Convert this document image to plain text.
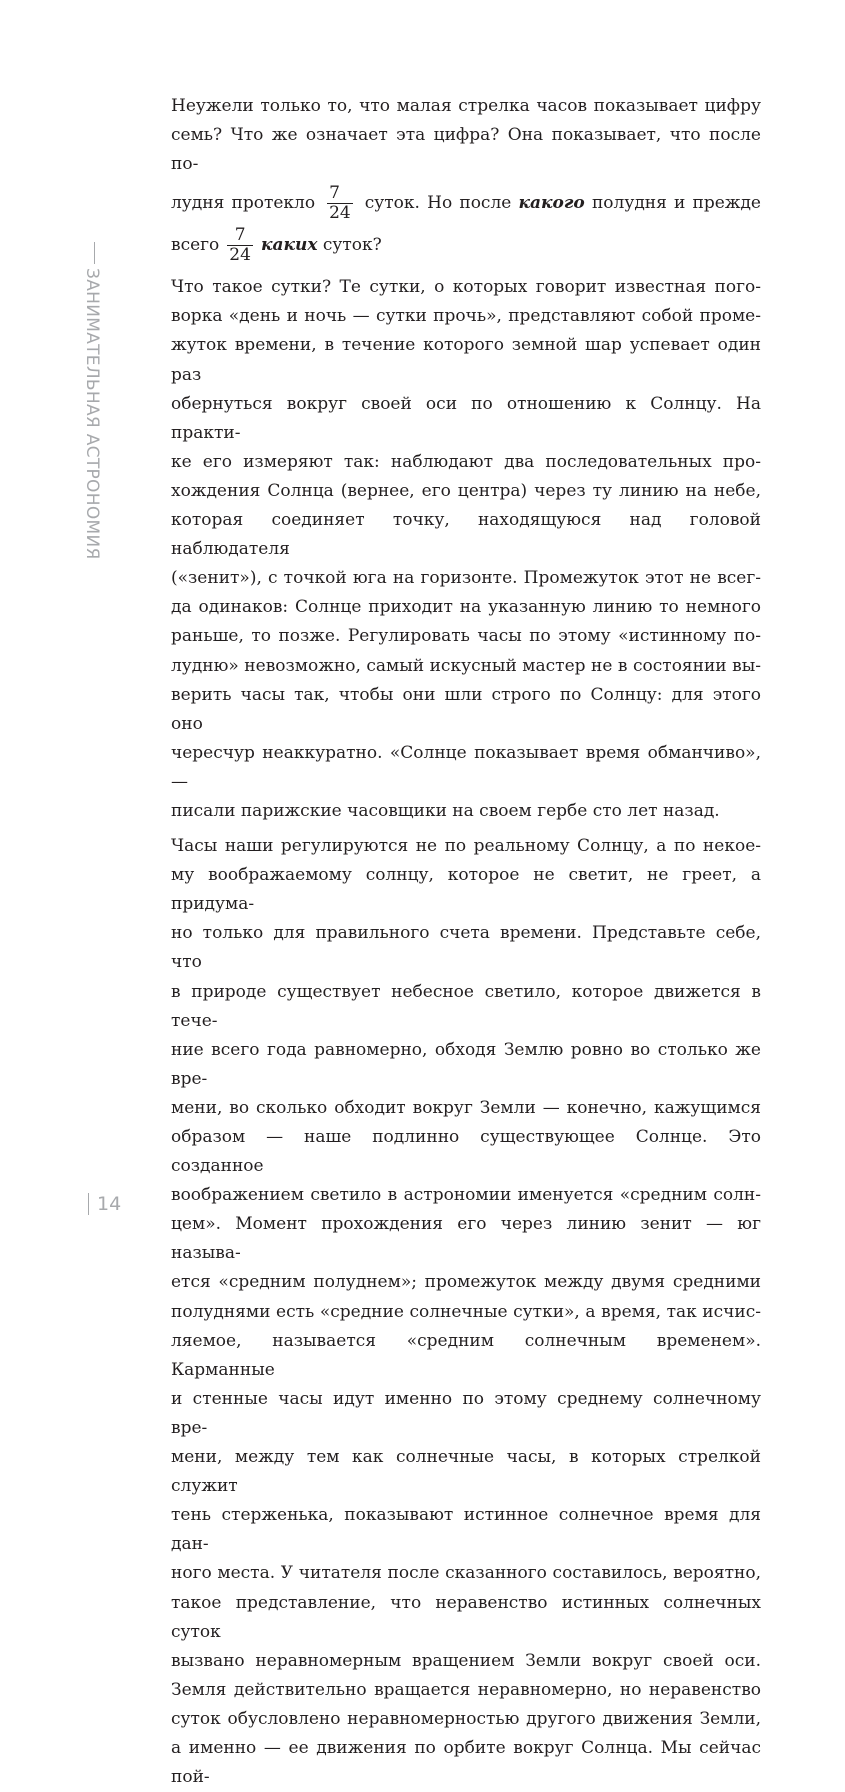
ЗАНИМАТЕЛЬНАЯ АСТРОНОМИЯ
Неужели только то, что малая стрелка часов показывает цифру
семь? Что же означает эта цифра? Она показывает, что после по-
лудня протекло $\frac{7}{24}$ суток. Но после какого полудня и прежде
всего $\frac{7}{24}$ каких суток?
Что такое сутки? Те сутки, о которых говорит известная пого-
ворка «день и ночь — сутки прочь», представляют собой проме-
жуток времени, в течение которого земной шар успевает один раз
обернуться вокруг своей оси по отношению к Солнцу. На практи-
ке его измеряют так: наблюдают два последовательных про-
хождения Солнца (вернее, его центра) через ту линию на небе,
которая соединяет точку, находящуюся над головой наблюдателя
(«зенит»), с точкой юга на горизонте. Промежуток этот не всег-
да одинаков: Солнце приходит на указанную линию то немного
раньше, то позже. Регулировать часы по этому «истинному по-
лудню» невозможно, самый искусный мастер не в состоянии вы-
верить часы так, чтобы они шли строго по Солнцу: для этого оно
чересчур неаккуратно. «Солнце показывает время обманчиво», —
писали парижские часовщики на своем гербе сто лет назад.
Часы наши регулируются не по реальному Солнцу, а по некое-
му воображаемому солнцу, которое не светит, не греет, а придума-
но только для правильного счета времени. Представьте себе, что
в природе существует небесное светило, которое движется в тече-
ние всего года равномерно, обходя Землю ровно во столько же вре-
мени, во сколько обходит вокруг Земли — конечно, кажущимся
образом — наше подлинно существующее Солнце. Это созданное
воображением светило в астрономии именуется «средним солн-
цем». Момент прохождения его через линию зенит — юг называ-
ется «средним полуднем»; промежуток между двумя средними
полуднями есть «средние солнечные сутки», а время, так исчис-
ляемое, называется «средним солнечным временем». Карманные
и стенные часы идут именно по этому среднему солнечному вре-
мени, между тем как солнечные часы, в которых стрелкой служит
тень стерженька, показывают истинное солнечное время для дан-
ного места. У читателя после сказанного составилось, вероятно,
такое представление, что неравенство истинных солнечных суток
вызвано неравномерным вращением Земли вокруг своей оси.
Земля действительно вращается неравномерно, но неравенство
суток обусловлено неравномерностью другого движения Земли,
а именно — ее движения по орбите вокруг Солнца. Мы сейчас пой-
14
